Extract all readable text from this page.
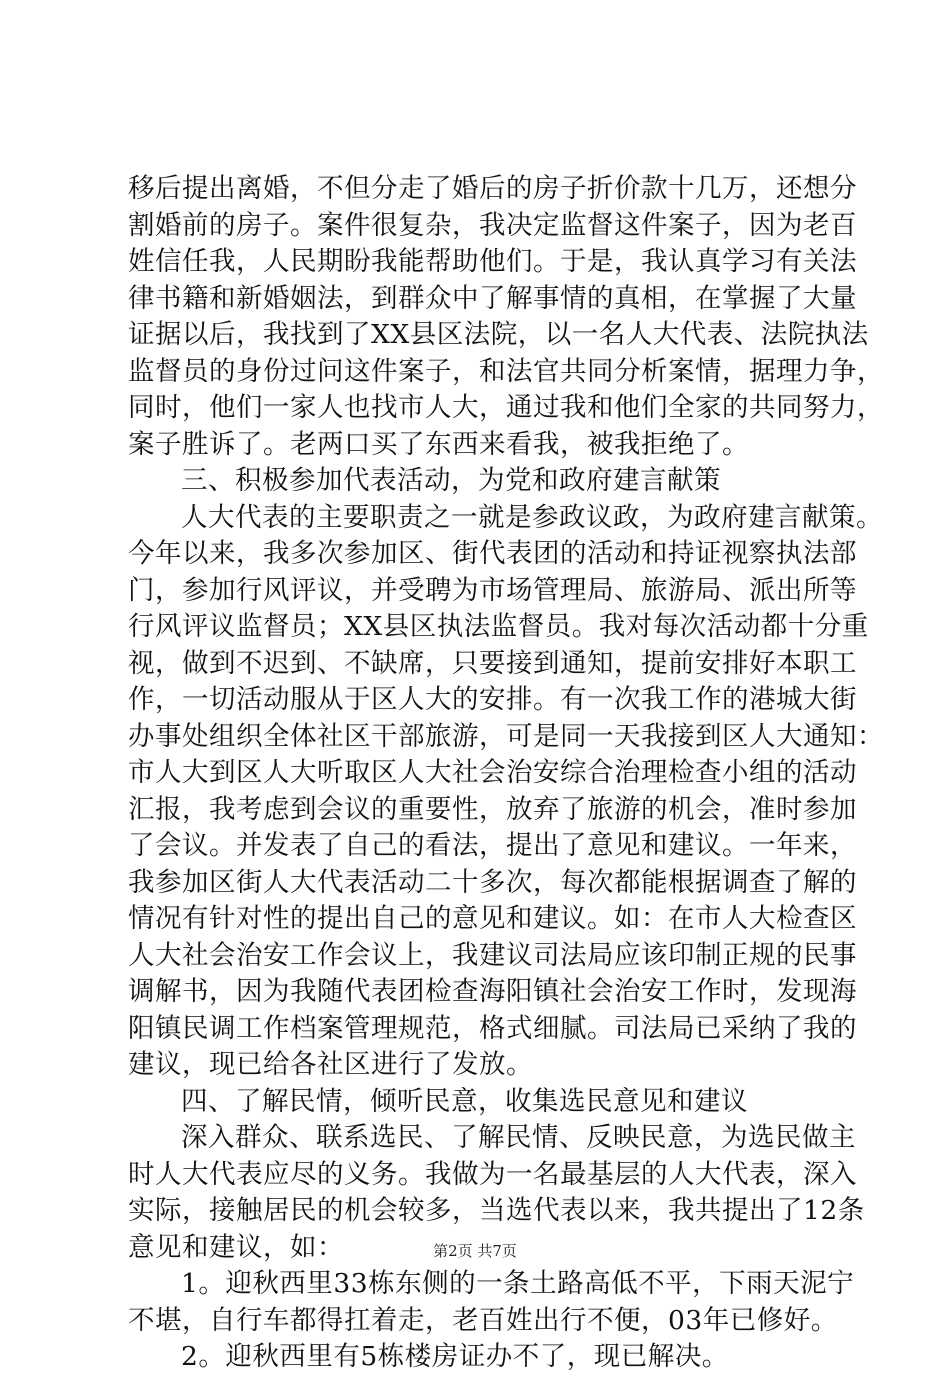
移后提出离婚，不但分走了婚后的房子折价款十几万，还想分
割婚前的房子。案件很复杂，我决定监督这件案子，因为老百
姓信任我，人民期盼我能帮助他们。于是，我认真学习有关法
律书籍和新婚姻法，到群众中了解事情的真相，在掌握了大量
证据以后，我找到了XX县区法院，以一名人大代表、法院执法
监督员的身份过问这件案子，和法官共同分析案情，据理力争，
同时，他们一家人也找市人大，通过我和他们全家的共同努力，
案子胜诉了。老两口买了东西来看我，被我拒绝了。
三、积极参加代表活动，为党和政府建言献策
人大代表的主要职责之一就是参政议政，为政府建言献策。
今年以来，我多次参加区、街代表团的活动和持证视察执法部
门，参加行风评议，并受聘为市场管理局、旅游局、派出所等
行风评议监督员；XX县区执法监督员。我对每次活动都十分重
视，做到不迟到、不缺席，只要接到通知，提前安排好本职工
作，一切活动服从于区人大的安排。有一次我工作的港城大街
办事处组织全体社区干部旅游，可是同一天我接到区人大通知：
市人大到区人大听取区人大社会治安综合治理检查小组的活动
汇报，我考虑到会议的重要性，放弃了旅游的机会，准时参加
了会议。并发表了自己的看法，提出了意见和建议。一年来，
我参加区街人大代表活动二十多次，每次都能根据调查了解的
情况有针对性的提出自己的意见和建议。如：在市人大检查区
人大社会治安工作会议上，我建议司法局应该印制正规的民事
调解书，因为我随代表团检查海阳镇社会治安工作时，发现海
阳镇民调工作档案管理规范，格式细腻。司法局已采纳了我的
建议，现已给各社区进行了发放。
四、了解民情，倾听民意，收集选民意见和建议
深入群众、联系选民、了解民情、反映民意，为选民做主
时人大代表应尽的义务。我做为一名最基层的人大代表，深入
实际，接触居民的机会较多，当选代表以来，我共提出了12条
意见和建议，如：
1。迎秋西里33栋东侧的一条土路高低不平，下雨天泥宁
不堪，自行车都得扛着走，老百姓出行不便，03年已修好。
2。迎秋西里有5栋楼房证办不了，现已解决。
第2页 共7页
